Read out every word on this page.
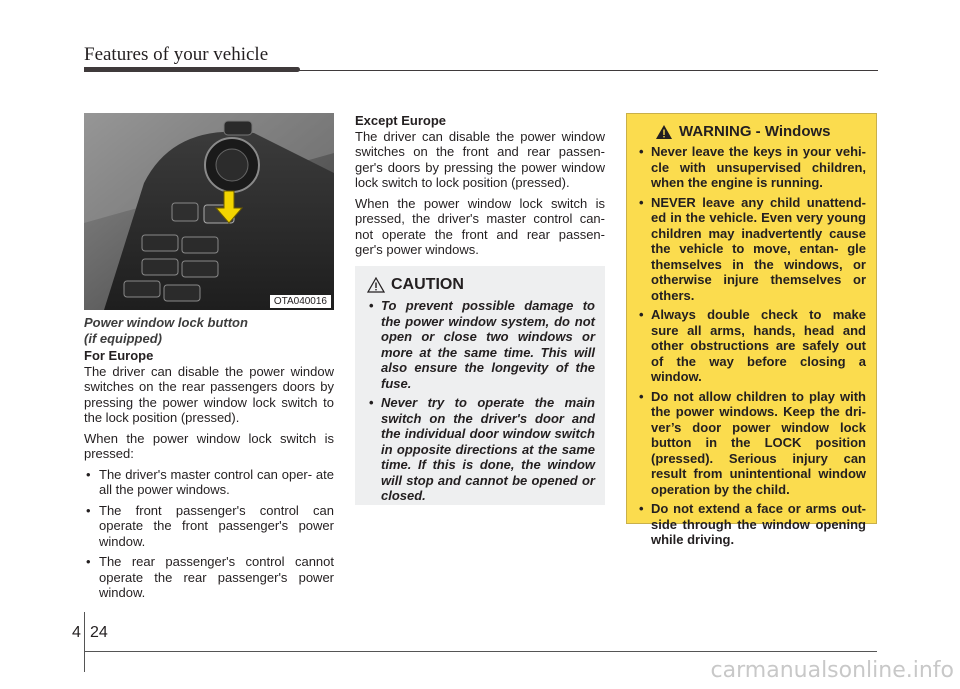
Features of your vehicle
OTA040016
Power window lock button
(if equipped)
For Europe

The driver can disable the power window switches on the rear passengers doors by pressing the power window lock switch to the lock position (pressed).

When the power window lock switch is pressed:

• The driver's master control can oper- ate all the power windows.
• The front passenger's control can operate the front passenger's power window.
• The rear passenger's control cannot operate the rear passenger's power window.
Except Europe

The driver can disable the power window switches on the front and rear passen- ger's doors by pressing the power window lock switch to lock position (pressed).

When the power window lock switch is pressed, the driver's master control can- not operate the front and rear passen- ger's power windows.

CAUTION
• To prevent possible damage to the power window system, do not open or close two windows or more at the same time. This will also ensure the longevity of the fuse.
• Never try to operate the main switch on the driver's door and the individual door window switch in opposite directions at the same time. If this is done, the window will stop and cannot be opened or closed.
WARNING - Windows
• Never leave the keys in your vehi- cle with unsupervised children, when the engine is running.
• NEVER leave any child unattend- ed in the vehicle. Even very young children may inadvertently cause the vehicle to move, entan- gle themselves in the windows, or otherwise injure themselves or others.
• Always double check to make sure all arms, hands, head and other obstructions are safely out of the way before closing a window.
• Do not allow children to play with the power windows. Keep the dri- ver’s door power window lock button in the LOCK position (pressed). Serious injury can result from unintentional window operation by the child.
• Do not extend a face or arms out- side through the window opening while driving.
4 24
carmanualsonline.info
